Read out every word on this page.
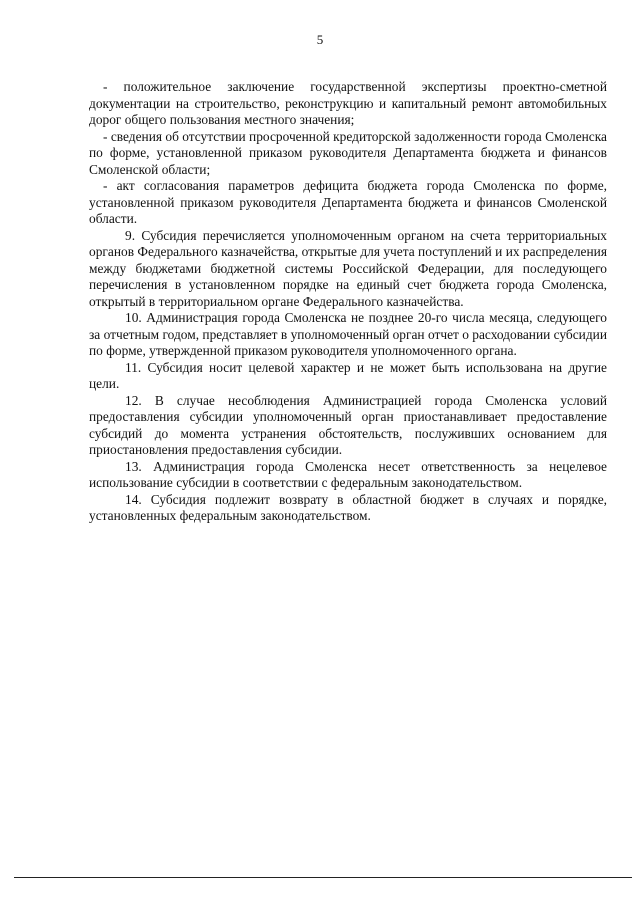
5

- положительное заключение государственной экспертизы проектно-сметной документации на строительство, реконструкцию и капитальный ремонт автомобильных дорог общего пользования местного значения;

- сведения об отсутствии просроченной кредиторской задолженности города Смоленска по форме, установленной приказом руководителя Департамента бюджета и финансов Смоленской области;

- акт согласования параметров дефицита бюджета города Смоленска по форме, установленной приказом руководителя Департамента бюджета и финансов Смоленской области.

9. Субсидия перечисляется уполномоченным органом на счета территориальных органов Федерального казначейства, открытые для учета поступлений и их распределения между бюджетами бюджетной системы Российской Федерации, для последующего перечисления в установленном порядке на единый счет бюджета города Смоленска, открытый в территориальном органе Федерального казначейства.

10. Администрация города Смоленска не позднее 20-го числа месяца, следующего за отчетным годом, представляет в уполномоченный орган отчет о расходовании субсидии по форме, утвержденной приказом руководителя уполномоченного органа.

11. Субсидия носит целевой характер и не может быть использована на другие цели.

12. В случае несоблюдения Администрацией города Смоленска условий предоставления субсидии уполномоченный орган приостанавливает предоставление субсидий до момента устранения обстоятельств, послуживших основанием для приостановления предоставления субсидии.

13. Администрация города Смоленска несет ответственность за нецелевое использование субсидии в соответствии с федеральным законодательством.

14. Субсидия подлежит возврату в областной бюджет в случаях и порядке, установленных федеральным законодательством.
